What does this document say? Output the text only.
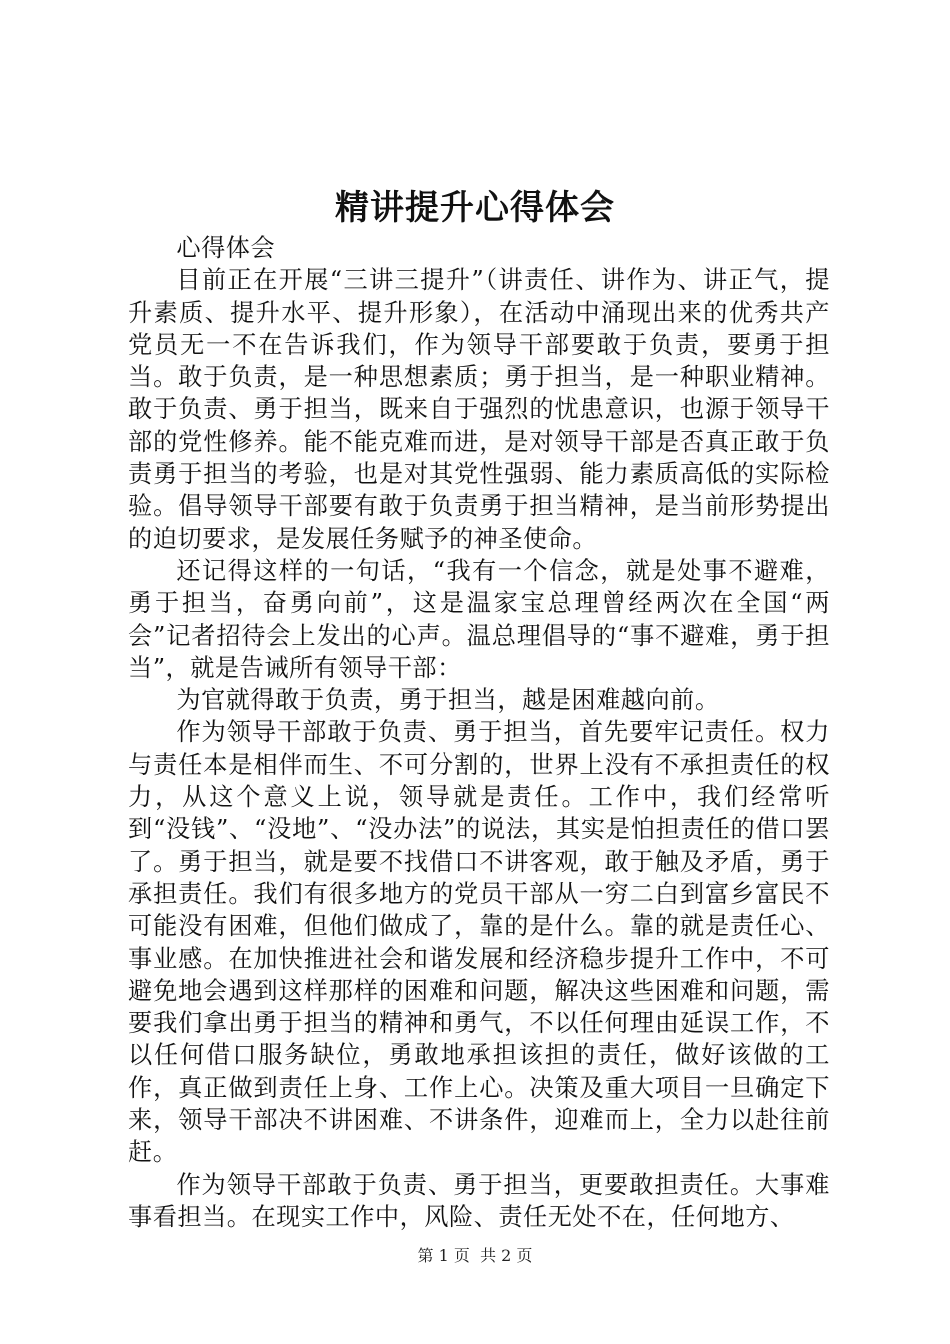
精讲提升心得体会

心得体会

目前正在开展“三讲三提升”（讲责任、讲作为、讲正气，提升素质、提升水平、提升形象），在活动中涌现出来的优秀共产党员无一不在告诉我们，作为领导干部要敢于负责，要勇于担当。敢于负责，是一种思想素质；勇于担当，是一种职业精神。敢于负责、勇于担当，既来自于强烈的忧患意识，也源于领导干部的党性修养。能不能克难而进，是对领导干部是否真正敢于负责勇于担当的考验，也是对其党性强弱、能力素质高低的实际检验。倡导领导干部要有敢于负责勇于担当精神，是当前形势提出的迫切要求，是发展任务赋予的神圣使命。

还记得这样的一句话，“我有一个信念，就是处事不避难，勇于担当，奋勇向前”，这是温家宝总理曾经两次在全国“两会”记者招待会上发出的心声。温总理倡导的“事不避难，勇于担当”，就是告诫所有领导干部：

为官就得敢于负责，勇于担当，越是困难越向前。

作为领导干部敢于负责、勇于担当，首先要牢记责任。权力与责任本是相伴而生、不可分割的，世界上没有不承担责任的权力，从这个意义上说，领导就是责任。工作中，我们经常听到“没钱”、“没地”、“没办法”的说法，其实是怕担责任的借口罢了。勇于担当，就是要不找借口不讲客观，敢于触及矛盾，勇于承担责任。我们有很多地方的党员干部从一穷二白到富乡富民不可能没有困难，但他们做成了，靠的是什么。靠的就是责任心、事业感。在加快推进社会和谐发展和经济稳步提升工作中，不可避免地会遇到这样那样的困难和问题，解决这些困难和问题，需要我们拿出勇于担当的精神和勇气，不以任何理由延误工作，不以任何借口服务缺位，勇敢地承担该担的责任，做好该做的工作，真正做到责任上身、工作上心。决策及重大项目一旦确定下来，领导干部决不讲困难、不讲条件，迎难而上，全力以赴往前赶。

作为领导干部敢于负责、勇于担当，更要敢担责任。大事难事看担当。在现实工作中，风险、责任无处不在，任何地方、

第 1 页  共 2 页
